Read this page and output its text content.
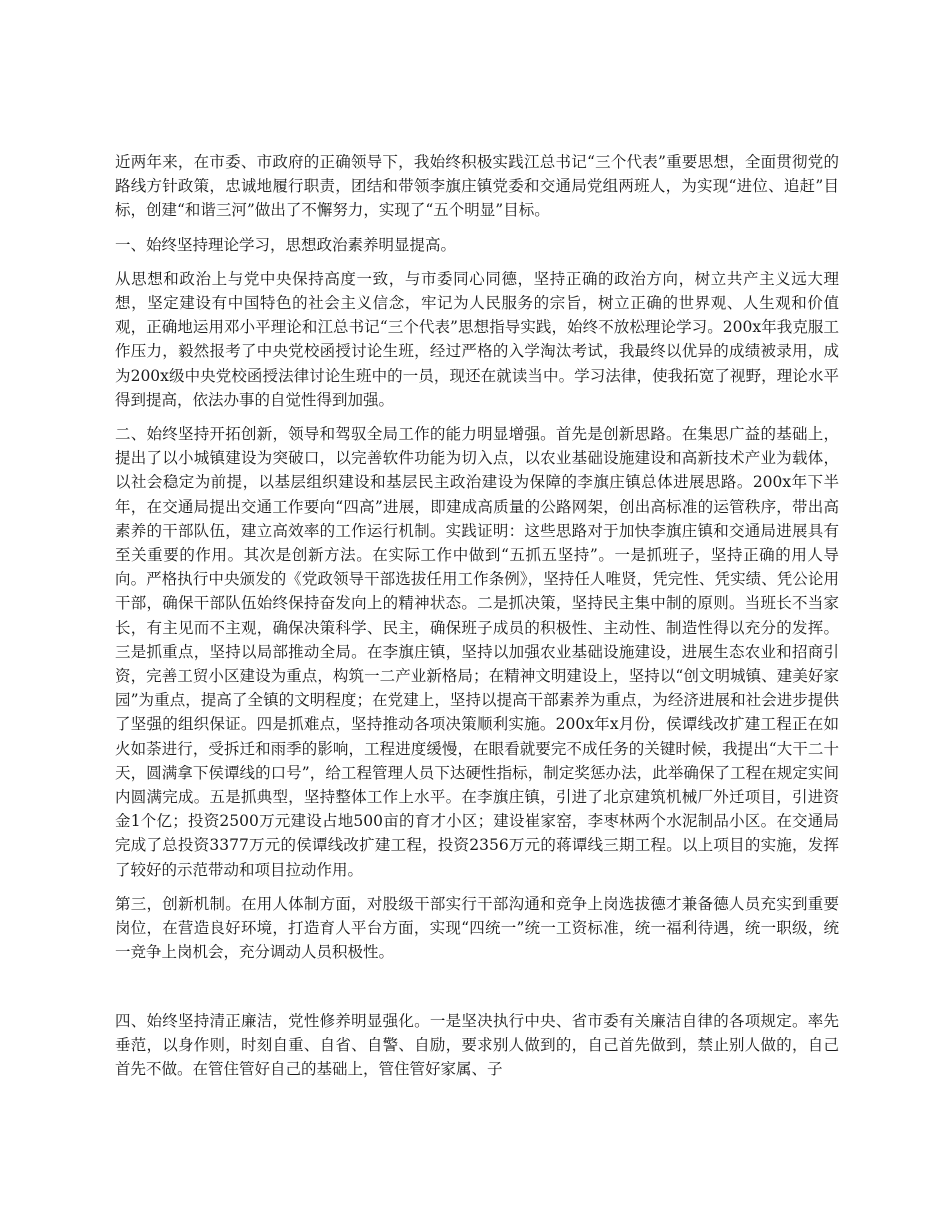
近两年来，在市委、市政府的正确领导下，我始终积极实践江总书记“三个代表”重要思想，全面贯彻党的路线方针政策，忠诚地履行职责，团结和带领李旗庄镇党委和交通局党组两班人，为实现“进位、追赶”目标，创建“和谐三河”做出了不懈努力，实现了“五个明显”目标。

一、始终坚持理论学习，思想政治素养明显提高。

从思想和政治上与党中央保持高度一致，与市委同心同德，坚持正确的政治方向，树立共产主义远大理想，坚定建设有中国特色的社会主义信念，牢记为人民服务的宗旨，树立正确的世界观、人生观和价值观，正确地运用邓小平理论和江总书记“三个代表”思想指导实践，始终不放松理论学习。200x年我克服工作压力，毅然报考了中央党校函授讨论生班，经过严格的入学淘汰考试，我最终以优异的成绩被录用，成为200x级中央党校函授法律讨论生班中的一员，现还在就读当中。学习法律，使我拓宽了视野，理论水平得到提高，依法办事的自觉性得到加强。

二、始终坚持开拓创新，领导和驾驭全局工作的能力明显增强。首先是创新思路。在集思广益的基础上，提出了以小城镇建设为突破口，以完善软件功能为切入点，以农业基础设施建设和高新技术产业为载体，以社会稳定为前提，以基层组织建设和基层民主政治建设为保障的李旗庄镇总体进展思路。200x年下半年，在交通局提出交通工作要向“四高”进展，即建成高质量的公路网架，创出高标准的运管秩序，带出高素养的干部队伍，建立高效率的工作运行机制。实践证明：这些思路对于加快李旗庄镇和交通局进展具有至关重要的作用。其次是创新方法。在实际工作中做到“五抓五坚持”。一是抓班子，坚持正确的用人导向。严格执行中央颁发的《党政领导干部选拔任用工作条例》，坚持任人唯贤，凭完性、凭实绩、凭公论用干部，确保干部队伍始终保持奋发向上的精神状态。二是抓决策，坚持民主集中制的原则。当班长不当家长，有主见而不主观，确保决策科学、民主，确保班子成员的积极性、主动性、制造性得以充分的发挥。三是抓重点，坚持以局部推动全局。在李旗庄镇，坚持以加强农业基础设施建设，进展生态农业和招商引资，完善工贸小区建设为重点，构筑一二产业新格局；在精神文明建设上，坚持以“创文明城镇、建美好家园”为重点，提高了全镇的文明程度；在党建上，坚持以提高干部素养为重点，为经济进展和社会进步提供了坚强的组织保证。四是抓难点，坚持推动各项决策顺利实施。200x年x月份，侯谭线改扩建工程正在如火如荼进行，受拆迁和雨季的影响，工程进度缓慢，在眼看就要完不成任务的关键时候，我提出“大干二十天，圆满拿下侯谭线的口号”，给工程管理人员下达硬性指标，制定奖惩办法，此举确保了工程在规定实间内圆满完成。五是抓典型，坚持整体工作上水平。在李旗庄镇，引进了北京建筑机械厂外迁项目，引进资金1个亿；投资2500万元建设占地500亩的育才小区；建设崔家窑，李枣林两个水泥制品小区。在交通局完成了总投资3377万元的侯谭线改扩建工程，投资2356万元的蒋谭线三期工程。以上项目的实施，发挥了较好的示范带动和项目拉动作用。

第三，创新机制。在用人体制方面，对股级干部实行干部沟通和竞争上岗选拔德才兼备德人员充实到重要岗位，在营造良好环境，打造育人平台方面，实现“四统一”统一工资标准，统一福利待遇，统一职级，统一竞争上岗机会，充分调动人员积极性。

四、始终坚持清正廉洁，党性修养明显强化。一是坚决执行中央、省市委有关廉洁自律的各项规定。率先垂范，以身作则，时刻自重、自省、自警、自励，要求别人做到的，自己首先做到，禁止别人做的，自己首先不做。在管住管好自己的基础上，管住管好家属、子
